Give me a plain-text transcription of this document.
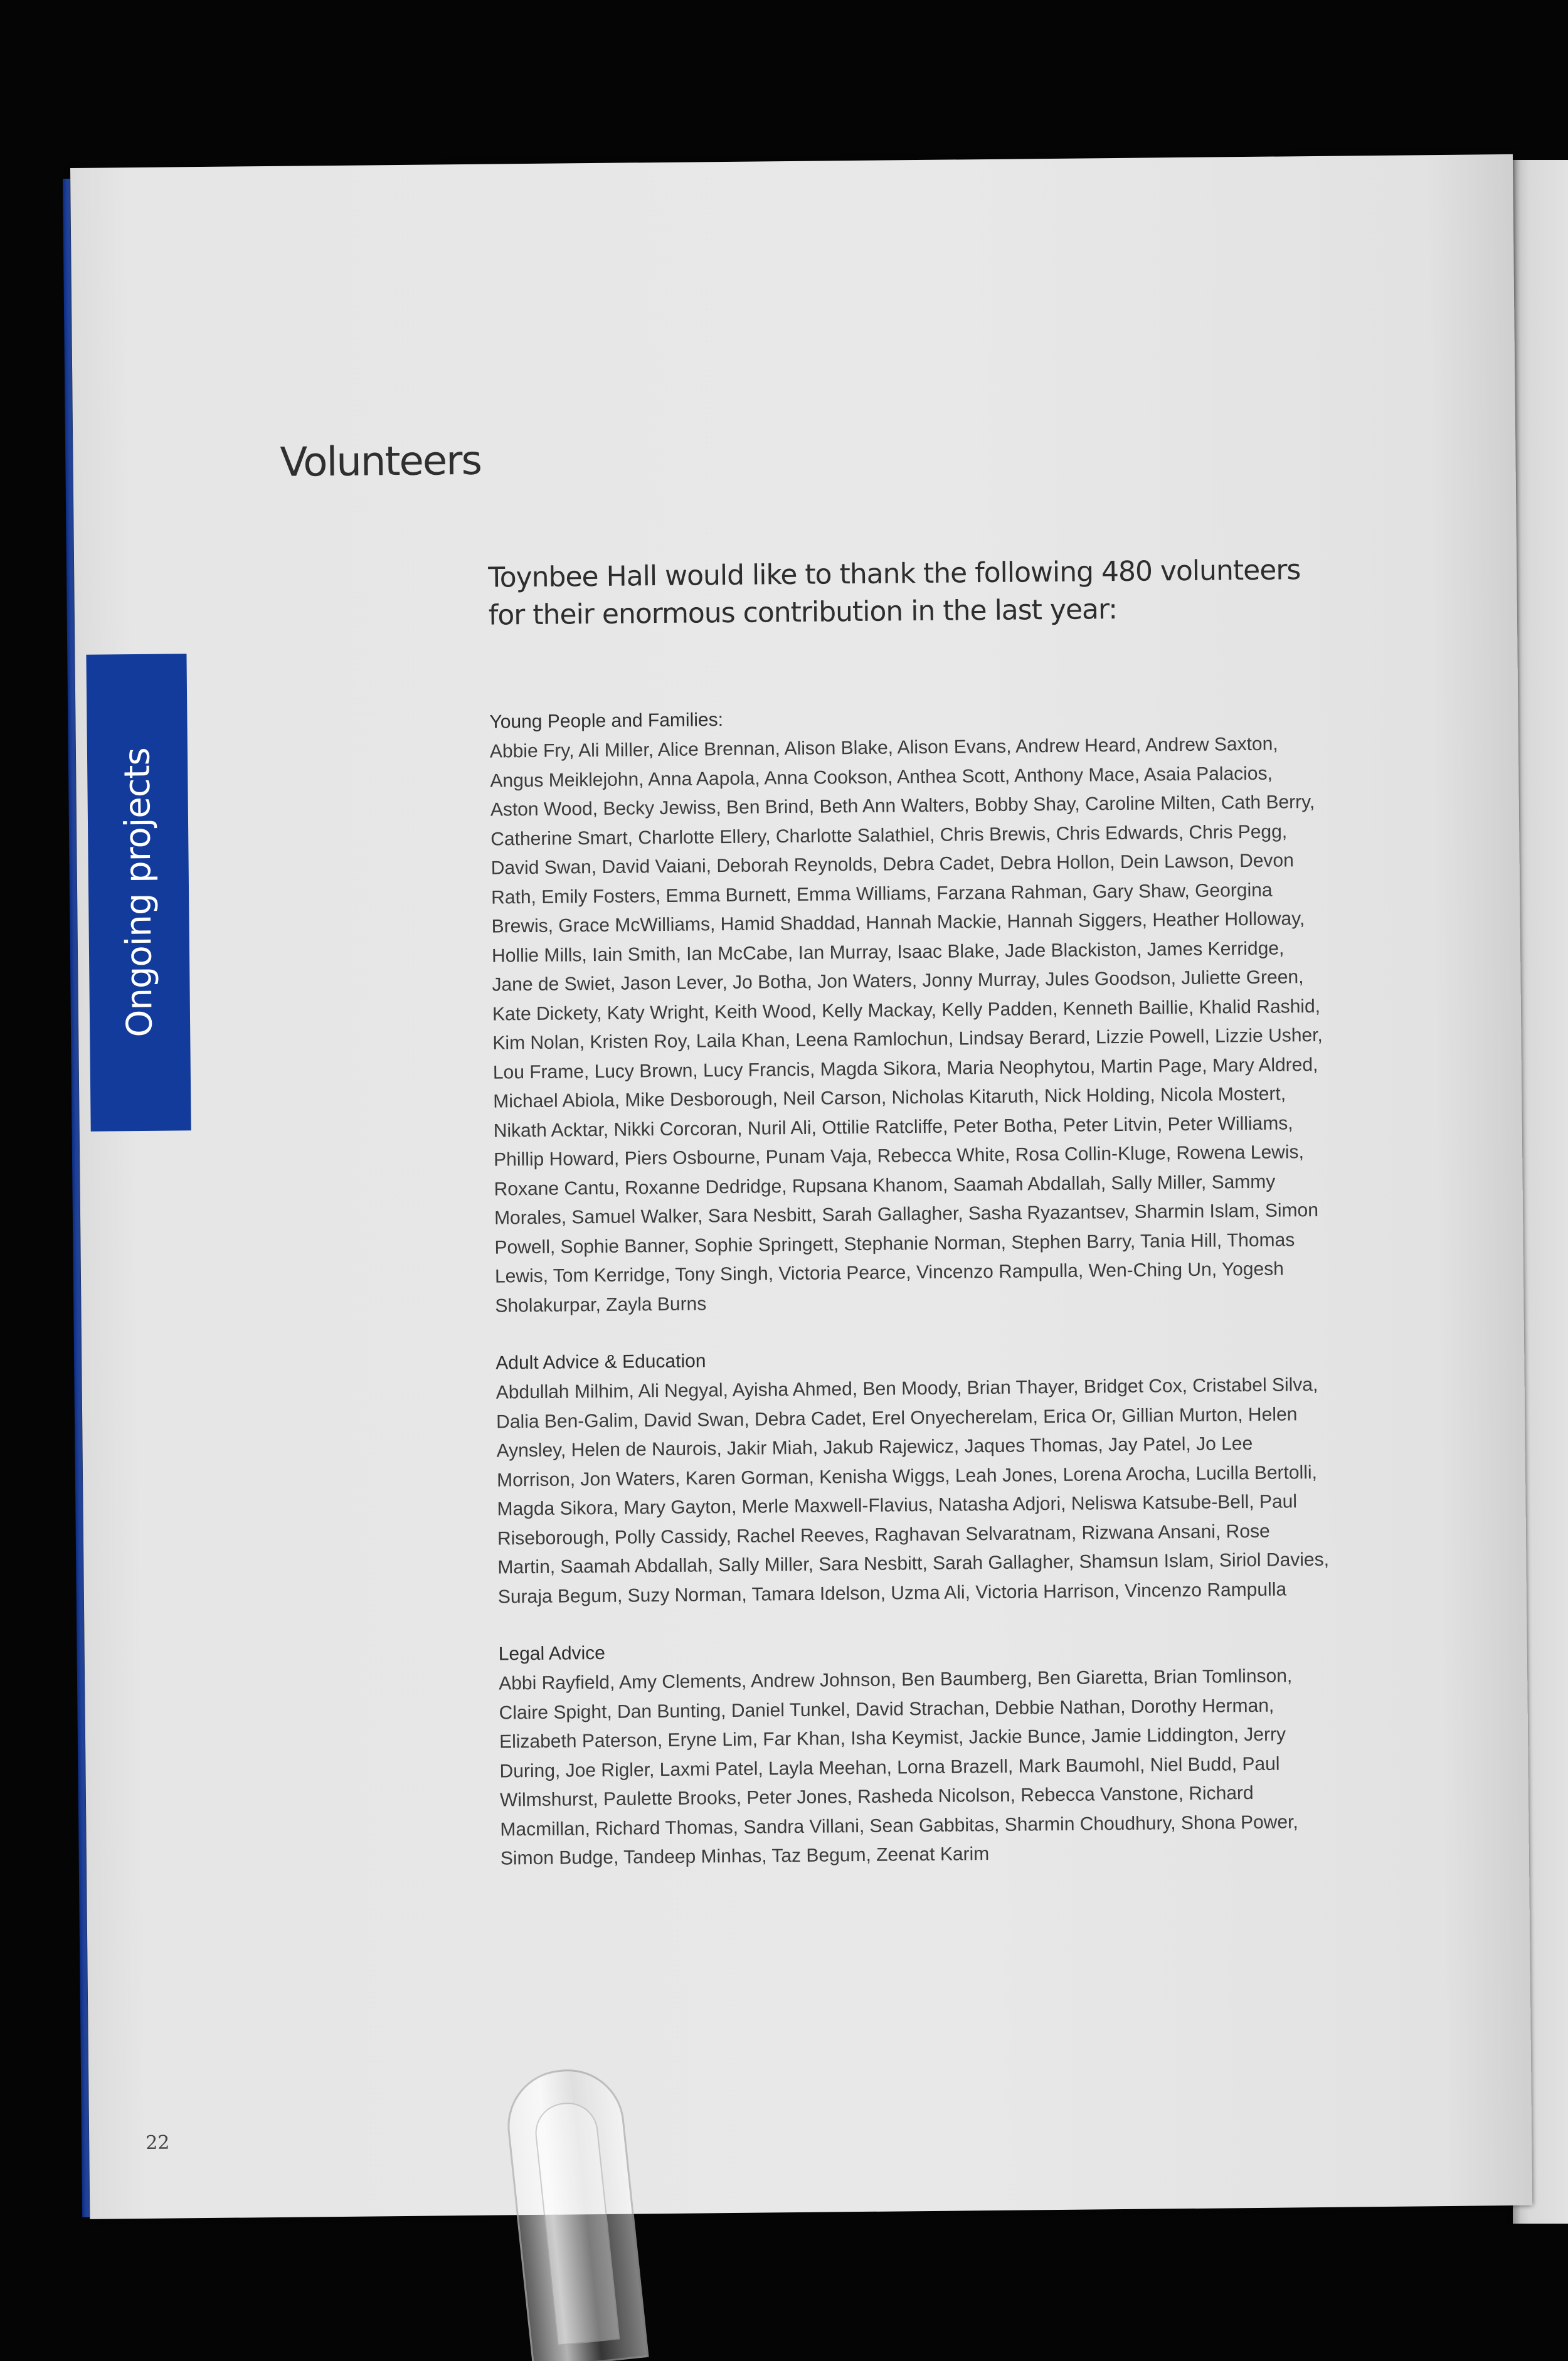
Volunteers

Toynbee Hall would like to thank the following 480 volunteers

for their enormous contribution in the last year:

Ongoing projects

Young People and Families:

Abbie Fry, Ali Miller, Alice Brennan, Alison Blake, Alison Evans, Andrew Heard, Andrew Saxton, Angus Meiklejohn, Anna Aapola, Anna Cookson, Anthea Scott, Anthony Mace, Asaia Palacios, Aston Wood, Becky Jewiss, Ben Brind, Beth Ann Walters, Bobby Shay, Caroline Milten, Cath Berry, Catherine Smart, Charlotte Ellery, Charlotte Salathiel, Chris Brewis, Chris Edwards, Chris Pegg, David Swan, David Vaiani, Deborah Reynolds, Debra Cadet, Debra Hollon, Dein Lawson, Devon Rath, Emily Fosters, Emma Burnett, Emma Williams, Farzana Rahman, Gary Shaw, Georgina Brewis, Grace McWilliams, Hamid Shaddad, Hannah Mackie, Hannah Siggers, Heather Holloway, Hollie Mills, Iain Smith, Ian McCabe, Ian Murray, Isaac Blake, Jade Blackiston, James Kerridge, Jane de Swiet, Jason Lever, Jo Botha, Jon Waters, Jonny Murray, Jules Goodson, Juliette Green, Kate Dickety, Katy Wright, Keith Wood, Kelly Mackay, Kelly Padden, Kenneth Baillie, Khalid Rashid, Kim Nolan, Kristen Roy, Laila Khan, Leena Ramlochun, Lindsay Berard, Lizzie Powell, Lizzie Usher, Lou Frame, Lucy Brown, Lucy Francis, Magda Sikora, Maria Neophytou, Martin Page, Mary Aldred, Michael Abiola, Mike Desborough, Neil Carson, Nicholas Kitaruth, Nick Holding, Nicola Mostert, Nikath Acktar, Nikki Corcoran, Nuril Ali, Ottilie Ratcliffe, Peter Botha, Peter Litvin, Peter Williams, Phillip Howard, Piers Osbourne, Punam Vaja, Rebecca White, Rosa Collin-Kluge, Rowena Lewis, Roxane Cantu, Roxanne Dedridge, Rupsana Khanom, Saamah Abdallah, Sally Miller, Sammy Morales, Samuel Walker, Sara Nesbitt, Sarah Gallagher, Sasha Ryazantsev, Sharmin Islam, Simon Powell, Sophie Banner, Sophie Springett, Stephanie Norman, Stephen Barry, Tania Hill, Thomas Lewis, Tom Kerridge, Tony Singh, Victoria Pearce, Vincenzo Rampulla, Wen-Ching Un, Yogesh Sholakurpar, Zayla Burns

Adult Advice & Education

Abdullah Milhim, Ali Negyal, Ayisha Ahmed, Ben Moody, Brian Thayer, Bridget Cox, Cristabel Silva, Dalia Ben-Galim, David Swan, Debra Cadet, Erel Onyecherelam, Erica Or, Gillian Murton, Helen Aynsley, Helen de Naurois, Jakir Miah, Jakub Rajewicz, Jaques Thomas, Jay Patel, Jo Lee Morrison, Jon Waters, Karen Gorman, Kenisha Wiggs, Leah Jones, Lorena Arocha, Lucilla Bertolli, Magda Sikora, Mary Gayton, Merle Maxwell-Flavius, Natasha Adjori, Neliswa Katsube-Bell, Paul Riseborough, Polly Cassidy, Rachel Reeves, Raghavan Selvaratnam, Rizwana Ansani, Rose Martin, Saamah Abdallah, Sally Miller, Sara Nesbitt, Sarah Gallagher, Shamsun Islam, Siriol Davies, Suraja Begum, Suzy Norman, Tamara Idelson, Uzma Ali, Victoria Harrison, Vincenzo Rampulla

Legal Advice

Abbi Rayfield, Amy Clements, Andrew Johnson, Ben Baumberg, Ben Giaretta, Brian Tomlinson, Claire Spight, Dan Bunting, Daniel Tunkel, David Strachan, Debbie Nathan, Dorothy Herman, Elizabeth Paterson, Eryne Lim, Far Khan, Isha Keymist, Jackie Bunce, Jamie Liddington, Jerry During, Joe Rigler, Laxmi Patel, Layla Meehan, Lorna Brazell, Mark Baumohl, Niel Budd, Paul Wilmshurst, Paulette Brooks, Peter Jones, Rasheda Nicolson, Rebecca Vanstone, Richard Macmillan, Richard Thomas, Sandra Villani, Sean Gabbitas, Sharmin Choudhury, Shona Power, Simon Budge, Tandeep Minhas, Taz Begum, Zeenat Karim

22
